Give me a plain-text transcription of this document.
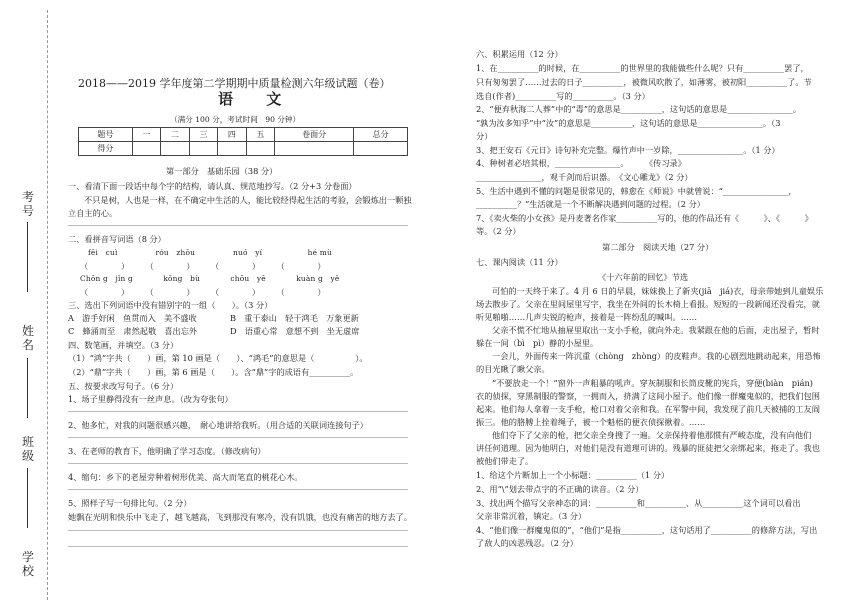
考号
姓名
班级
学校
2018——2019 学年度第二学期期中质量检测六年级试题（卷）
语 文
（满分 100 分，考试时间　90 分钟）
题号	一	二	三	四	五	卷面分	总分
得分							
第一部分　基础乐园（38 分）
一、看清下面一段话中每个字的结构，请认真、规范地抄写。（2 分+3 分卷面）
不只是树，人也是一样，在不确定中生活的人，能比较经得起生活的考验，会锻炼出一颗独
立自主的心。
二、看拼音写词语（8 分）
fēi　cuì　　　　　róu　zhōu　　　　　nuó　yí　　　　　　hé mù
（　　　　）　　　（　　　　）　　　（　　　　）　　　（　　　　）
Chōn g　jǐn g　　　　kǒng　bù　　　　chōu　yē　　　　kuàn g　yě
（　　　　）　　　（　　　　）　　　（　　　　）　　　（　　　　）
三、选出下列词语中没有错别字的一组（　　）。（3 分）
A　游手好闲　鱼贯而入　美不盛收	B　重于泰山　轻于鸿毛　万象更新
C　蜂涌而至　肃然起敬　喜出忘外	D　语重心常　意想不到　坐无虚席
四、数笔画，并填空。（3 分）
（1）“鸿”字共（　　）画，第 10 画是（　　）、“鸿毛”的意思是（　　　　　）。
（2）“鼎”字共（　　）画，第 6 画是（　　）。含“鼎”字的成语有__________。
五、按要求改写句子。（6 分）
1、场子里静得没有一丝声息。（改为夸张句）
2、他多忙，对我的问题很感兴趣，　耐心地讲给我听。（用合适的关联词连接句子）
3、在老师的教育下，他明确了学习态度。（修改病句）
4、缩句：乡下的老屋旁种着树形优美、高大而笔直的桃花心木。
5、照样子写一句排比句。（2 分）
她飘在光明和快乐中飞走了，越飞越高，飞到那没有寒冷，没有饥饿，也没有痛苦的地方去了。
六、积累运用（12 分）
1、在__________的时候，在__________的世界里的我能做些什么呢？只有__________罢了，
只有匆匆罢了……过去的日子__________，被微风吹散了，如薄雾，被初阳__________了。节
选自(作者)__________写的__________。（3 分）
2、“便弃秋海二人葬”中的“毒”的意思是__________，这句话的意思是________________。
“孰为汝多知乎”中“汝”的意思是__________，这句话的意思是________________。（3
分）
3、把王安石《元日》诗句补充完整。爆竹声中一岁除，________________。（1 分）
4、种树者必培其根，________________。　　　《传习录》
________________，观千剑而后识器。　《文心雕龙》（2 分）
5、生活中遇到不懂的问题是很常见的，韩愈在《师说》中就曾说：“________________，
__________？”生活就是一个不断解决遇到问题的过程。（2 分）
7、《卖火柴的小女孩》是丹麦著名作家__________写的，他的作品还有《　　　》、《　　　》
等。（2 分）
第二部分　阅读天地（27 分）
七、课内阅读（11 分）
《十六年前的回忆》节选
可怕的一天终于来了。4 月 6 日的早晨，妹妹换上了新夹(jiā　jiá)衣，母亲带她到儿童娱乐
场去散步了。父亲在里间屋里写字，我坐在外间的长木椅上看报。短短的一段新闻还没看完，就
听见啪啪……几声尖锐的枪声，接着是一阵纷乱的喊叫。……
父亲不慌不忙地从抽屉里取出一支小手枪，就向外走。我紧跟在他的后面，走出屋子，暂时
躲在一间（bì　pì）静的小屋里。
一会儿，外面传来一阵沉重（chòng　zhòng）的皮鞋声。我的心剧烈地跳动起来，用恐怖
的目光瞅了瞅父亲。
“不要放走一个！”窗外一声粗暴的吼声。穿灰制服和长筒皮靴的宪兵，穿便(biàn　pián)
衣的侦探，穿黑制服的警察，一拥而入，挤满了这间小屋子。他们像一群魔鬼似的，把我们包围
起来。他们每人拿着一支手枪，枪口对着父亲和我。在军警中间，我发现了前几天被捕的工友阎
振三。他的胳膊上拴着绳子，被一个魁梧的便衣侦探揪着。……
他们夺下了父亲的枪，把父亲全身搜了一遍。父亲保持着他那惯有严峻态度，没有向他们
讲任何道理。因为他明白，对他们是没有道理可讲的。残暴的匪徒把父亲绑起来，拖走了。我也
被他们带走了。
1、给这个片断加上一个小标题：__________（1 分）
2、用“\”划去带点字的不正确的读音。（2 分）
3、找出两个描写父亲神态的词：__________和__________、从__________这个词可以看出
父亲非常沉着，镇定。（3 分）
4、“他们像一群魔鬼似的”，“他们”是指__________，这句话用了__________的修辞方法，写出
了敌人的凶恶残忍。（2 分）
